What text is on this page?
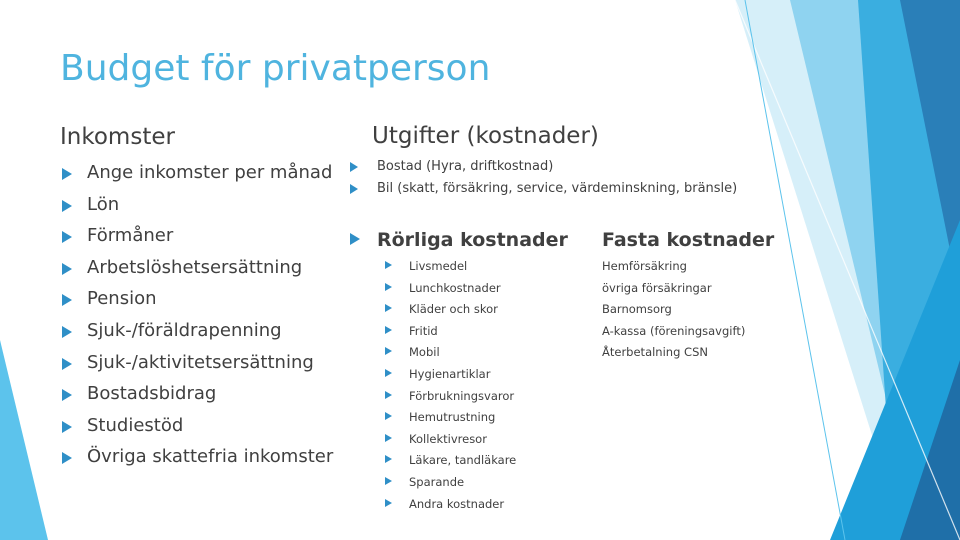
Budget för privatperson
Inkomster
Ange inkomster per månad
Lön
Förmåner
Arbetslöshetsersättning
Pension
Sjuk-/föräldrapenning
Sjuk-/aktivitetsersättning
Bostadsbidrag
Studiestöd
Övriga skattefria inkomster
Utgifter (kostnader)
Bostad (Hyra, driftkostnad)
Bil (skatt, försäkring, service, värdeminskning, bränsle)
Rörliga kostnader Fasta kostnader
Livsmedel
Lunchkostnader
Kläder och skor
Fritid
Mobil
Hygienartiklar
Förbrukningsvaror
Hemutrustning
Kollektivresor
Läkare, tandläkare
Sparande
Andra kostnader
Hemförsäkring
övriga försäkringar
Barnomsorg
A-kassa (föreningsavgift)
Återbetalning CSN
